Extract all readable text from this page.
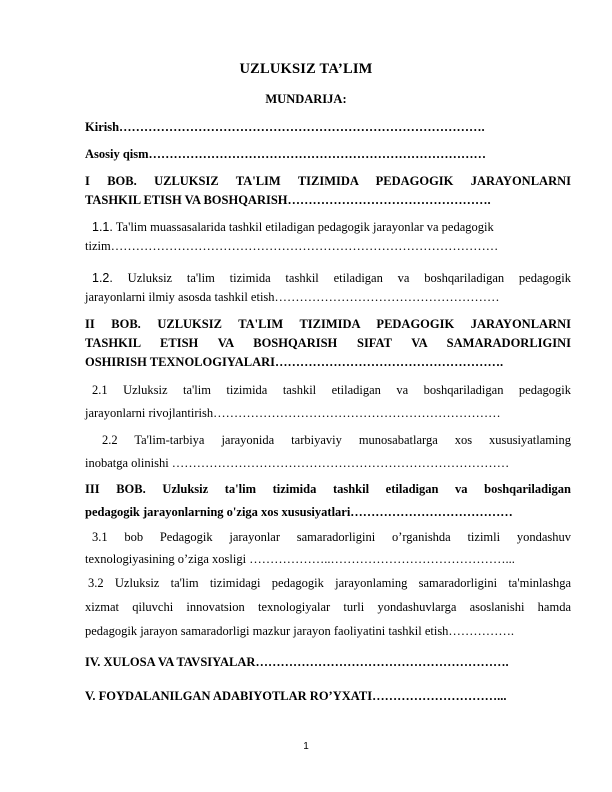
UZLUKSIZ TA’LIM
MUNDARIJA:
Kirish…………………………………………………………………………….
Asosiy qism………………………………………………………………………
I BOB. UZLUKSIZ TA'LIM TIZIMIDA PEDAGOGIK JARAYONLARNI
TASHKIL ETISH VA BOSHQARISH………………………………………….
1.1. Ta'lim muassasalarida tashkil etiladigan pedagogik jarayonlar va pedagogik
tizim…………………………………………………………………………………
1.2. Uzluksiz ta'lim tizimida tashkil etiladigan va boshqariladigan pedagogik
jarayonlarni ilmiy asosda tashkil etish………………………………………………
II BOB. UZLUKSIZ TA'LIM TIZIMIDA PEDAGOGIK JARAYONLARNI
TASHKIL ETISH VA BOSHQARISH SIFAT VA SAMARADORLIGINI
OSHIRISH TEXNOLOGIYALARI……………………………………………….
2.1 Uzluksiz ta'lim tizimida tashkil etiladigan va boshqariladigan pedagogik
jarayonlarni rivojlantirish……………………………………………………………
2.2 Ta'lim-tarbiya jarayonida tarbiyaviy munosabatlarga xos xususiyatlaming
inobatga olinishi ………………………………………………………………………
III BOB. Uzluksiz ta'lim tizimida tashkil etiladigan va boshqariladigan
pedagogik jarayonlarning o'ziga xos xususiyatlari…………………………………
3.1 bob Pedagogik jarayonlar samaradorligini o’rganishda tizimli yondashuv
texnologiyasining o’ziga xosligi ………………..……………………………………...
3.2 Uzluksiz ta'lim tizimidagi pedagogik jarayonlaming samaradorligini ta'minlashga
xizmat qiluvchi innovatsion texnologiyalar turli yondashuvlarga asoslanishi hamda
pedagogik jarayon samaradorligi mazkur jarayon faoliyatini tashkil etish…………….
IV. XULOSA VA TAVSIYALAR…………………………………………………….
V. FOYDALANILGAN ADABIYOTLAR RO’YXATI…………………………...
1
